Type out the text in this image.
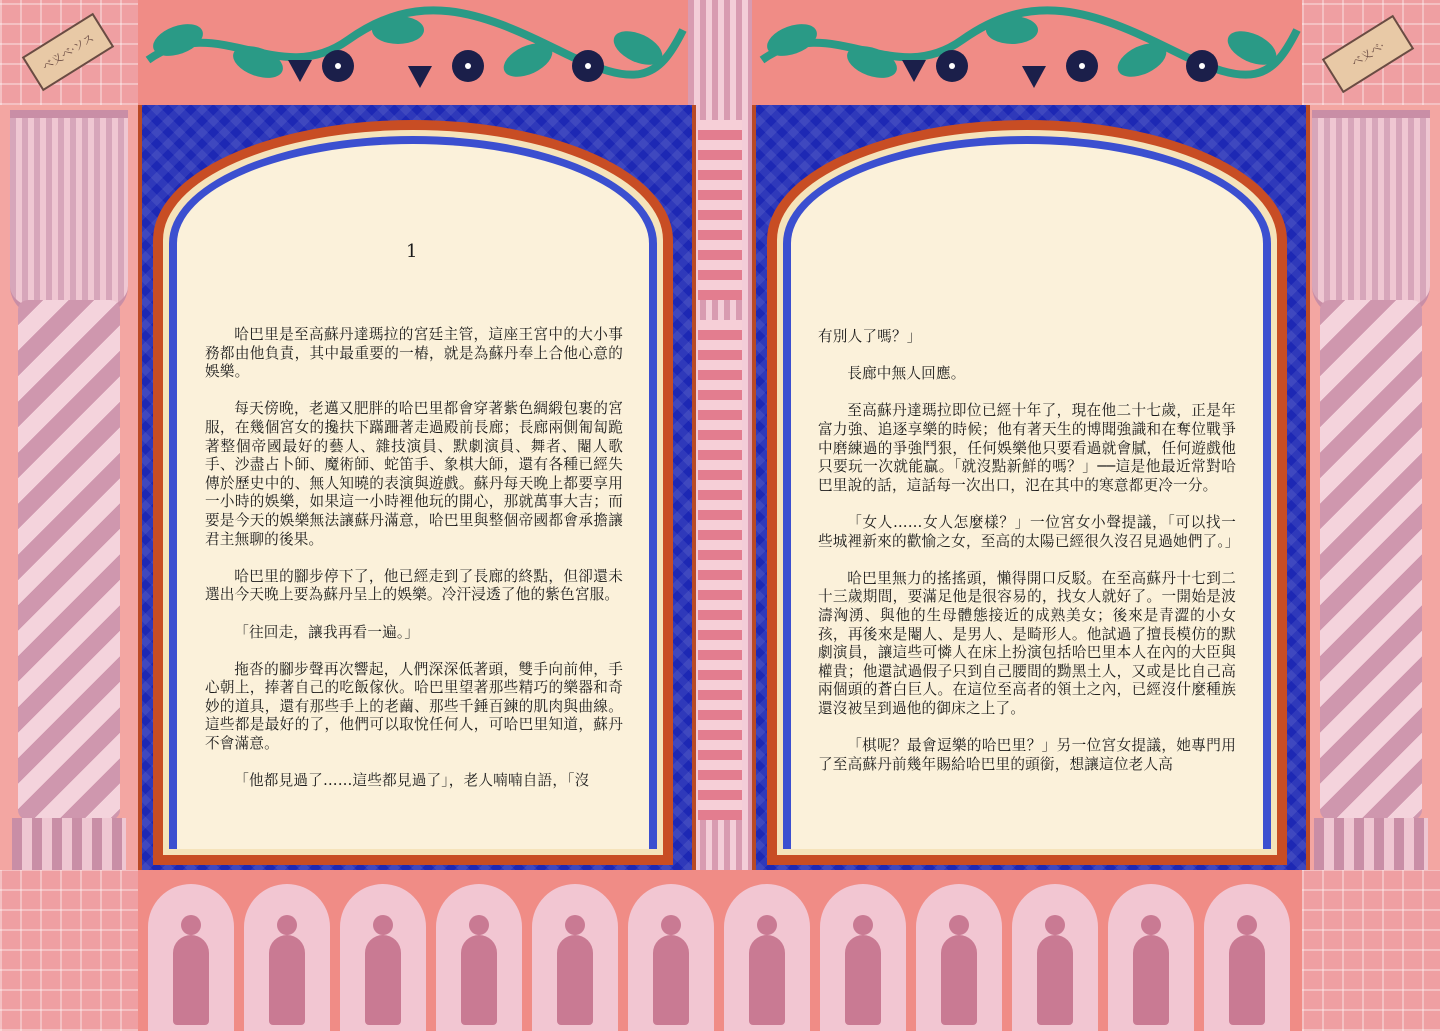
ベ义ベ·ソス	ベ义ベ·
1

哈巴里是至高蘇丹達瑪拉的宮廷主管，這座王宮中的大小事務都由他負責，其中最重要的一樁，就是為蘇丹奉上合他心意的娛樂。

每天傍晚，老邁又肥胖的哈巴里都會穿著紫色綢緞包裹的宮服，在幾個宮女的攙扶下蹣跚著走過殿前長廊；長廊兩側匍匐跪著整個帝國最好的藝人、雜技演員、默劇演員、舞者、閹人歌手、沙盡占卜師、魔術師、蛇笛手、象棋大師，還有各種已經失傳於歷史中的、無人知曉的表演與遊戲。蘇丹每天晚上都要享用一小時的娛樂，如果這一小時裡他玩的開心，那就萬事大吉；而要是今天的娛樂無法讓蘇丹滿意，哈巴里與整個帝國都會承擔讓君主無聊的後果。

哈巴里的腳步停下了，他已經走到了長廊的終點，但卻還未選出今天晚上要為蘇丹呈上的娛樂。冷汗浸透了他的紫色宮服。

「往回走，讓我再看一遍。」

拖沓的腳步聲再次響起，人們深深低著頭，雙手向前伸，手心朝上，捧著自己的吃飯傢伙。哈巴里望著那些精巧的樂器和奇妙的道具，還有那些手上的老繭、那些千錘百鍊的肌肉與曲線。這些都是最好的了，他們可以取悅任何人，可哈巴里知道，蘇丹不會滿意。

「他都見過了……這些都見過了」，老人喃喃自語，「沒

有別人了嗎？」

長廊中無人回應。

至高蘇丹達瑪拉即位已經十年了，現在他二十七歲，正是年富力強、追逐享樂的時候；他有著天生的博聞強識和在奪位戰爭中磨練過的爭強鬥狠，任何娛樂他只要看過就會膩，任何遊戲他只要玩一次就能贏。「就沒點新鮮的嗎？」──這是他最近常對哈巴里說的話，這話每一次出口，氾在其中的寒意都更冷一分。

「女人……女人怎麼樣？」一位宮女小聲提議，「可以找一些城裡新來的歡愉之女，至高的太陽已經很久沒召見過她們了。」

哈巴里無力的搖搖頭，懶得開口反駁。在至高蘇丹十七到二十三歲期間，要滿足他是很容易的，找女人就好了。一開始是波濤洶湧、與他的生母體態接近的成熟美女；後來是青澀的小女孩，再後來是閹人、是男人、是畸形人。他試過了擅長模仿的默劇演員，讓這些可憐人在床上扮演包括哈巴里本人在內的大臣與權貴；他還試過假子只到自己腰間的黝黑土人，又或是比自己高兩個頭的蒼白巨人。在這位至高者的領土之內，已經沒什麼種族還沒被呈到過他的御床之上了。

「棋呢？最會逗樂的哈巴里？」另一位宮女提議，她專門用了至高蘇丹前幾年賜給哈巴里的頭銜，想讓這位老人高
